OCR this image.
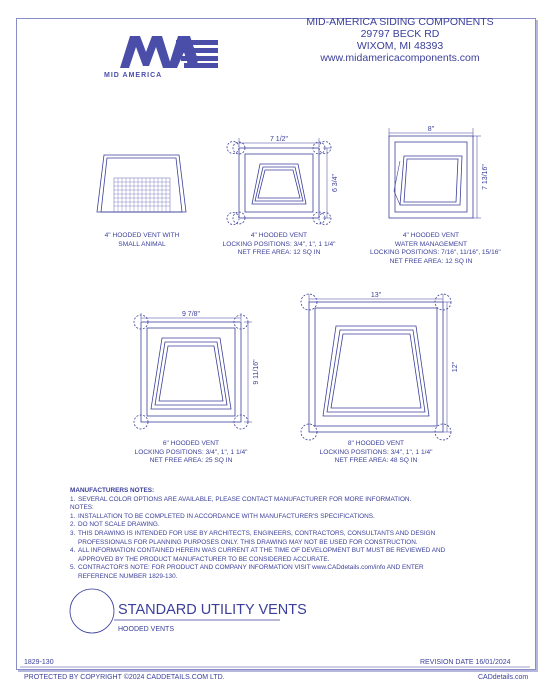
7 1/2"
6 3/4"
8"
7 13/16"
9 7/8"
9 11/16"
13"
12"
MID AMERICA
MID-AMERICA SIDING COMPONENTS
29797 BECK RD
WIXOM, MI 48393
www.midamericacomponents.com
4" HOODED VENT WITH
SMALL ANIMAL
4" HOODED VENT
LOCKING POSITIONS: 3/4", 1", 1 1/4"
NET FREE AREA: 12 SQ IN
4" HOODED VENT
WATER MANAGEMENT
LOCKING POSITIONS: 7/16", 11/16", 15/16"
NET FREE AREA: 12 SQ IN
6" HOODED VENT
LOCKING POSITIONS: 3/4", 1", 1 1/4"
NET FREE AREA: 25 SQ IN
8" HOODED VENT
LOCKING POSITIONS: 3/4", 1", 1 1/4"
NET FREE AREA: 48 SQ IN
MANUFACTURERS NOTES:
1. SEVERAL COLOR OPTIONS ARE AVAILABLE, PLEASE CONTACT MANUFACTURER FOR MORE INFORMATION.
NOTES:
1. INSTALLATION TO BE COMPLETED IN ACCORDANCE WITH MANUFACTURER'S SPECIFICATIONS.
2. DO NOT SCALE DRAWING.
3. THIS DRAWING IS INTENDED FOR USE BY ARCHITECTS, ENGINEERS, CONTRACTORS, CONSULTANTS AND DESIGN
PROFESSIONALS FOR PLANNING PURPOSES ONLY. THIS DRAWING MAY NOT BE USED FOR CONSTRUCTION.
4. ALL INFORMATION CONTAINED HEREIN WAS CURRENT AT THE TIME OF DEVELOPMENT BUT MUST BE REVIEWED AND
APPROVED BY THE PRODUCT MANUFACTURER TO BE CONSIDERED ACCURATE.
5. CONTRACTOR'S NOTE: FOR PRODUCT AND COMPANY INFORMATION VISIT www.CADdetails.com/info AND ENTER
REFERENCE NUMBER 1829-130.
STANDARD UTILITY VENTS
HOODED VENTS
1829-130	REVISION DATE 16/01/2024
PROTECTED BY COPYRIGHT ©2024 CADDETAILS.COM LTD.	CADdetails.com
